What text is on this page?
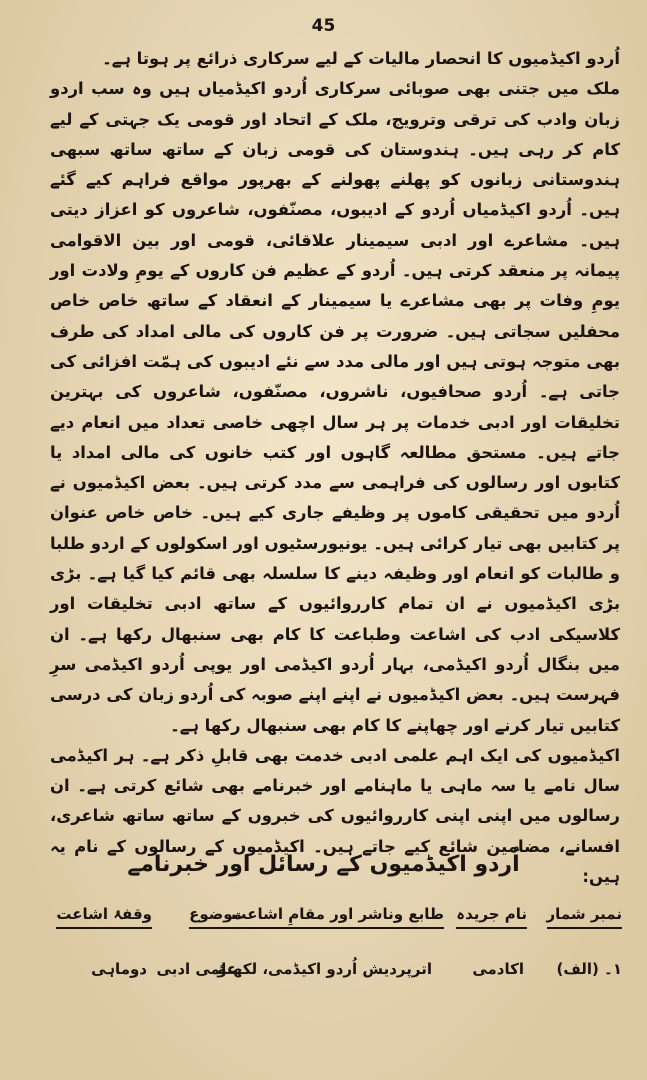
45

اُردو اکیڈمیوں کا انحصار مالیات کے لیے سرکاری ذرائع پر ہوتا ہے۔

ملک میں جتنی بھی صوبائی سرکاری اُردو اکیڈمیاں ہیں وہ سب اردو زبان وادب کی ترقی وترویج، ملک کے اتحاد اور قومی یک جہتی کے لیے کام کر رہی ہیں۔ ہندوستان کی قومی زبان کے ساتھ ساتھ سبھی ہندوستانی زبانوں کو پھلنے پھولنے کے بھرپور مواقع فراہم کیے گئے ہیں۔ اُردو اکیڈمیاں اُردو کے ادیبوں، مصنّفوں، شاعروں کو اعزاز دیتی ہیں۔ مشاعرے اور ادبی سیمینار علاقائی، قومی اور بین الاقوامی پیمانہ پر منعقد کرتی ہیں۔ اُردو کے عظیم فن کاروں کے یومِ ولادت اور یومِ وفات پر بھی مشاعرے یا سیمینار کے انعقاد کے ساتھ خاص خاص محفلیں سجاتی ہیں۔ ضرورت پر فن کاروں کی مالی امداد کی طرف بھی متوجہ ہوتی ہیں اور مالی مدد سے نئے ادیبوں کی ہمّت افزائی کی جاتی ہے۔ اُردو صحافیوں، ناشروں، مصنّفوں، شاعروں کی بہترین تخلیقات اور ادبی خدمات پر ہر سال اچھی خاصی تعداد میں انعام دیے جاتے ہیں۔ مستحق مطالعہ گاہوں اور کتب خانوں کی مالی امداد یا کتابوں اور رسالوں کی فراہمی سے مدد کرتی ہیں۔ بعض اکیڈمیوں نے اُردو میں تحقیقی کاموں پر وظیفے جاری کیے ہیں۔ خاص خاص عنوان پر کتابیں بھی تیار کرائی ہیں۔ یونیورسٹیوں اور اسکولوں کے اردو طلبا و طالبات کو انعام اور وظیفہ دینے کا سلسلہ بھی قائم کیا گیا ہے۔ بڑی بڑی اکیڈمیوں نے ان تمام کارروائیوں کے ساتھ ادبی تخلیقات اور کلاسیکی ادب کی اشاعت وطباعت کا کام بھی سنبھال رکھا ہے۔ ان میں بنگال اُردو اکیڈمی، بہار اُردو اکیڈمی اور یوپی اُردو اکیڈمی سرِ فہرست ہیں۔ بعض اکیڈمیوں نے اپنے اپنے صوبہ کی اُردو زبان کی درسی کتابیں تیار کرنے اور چھاپنے کا کام بھی سنبھال رکھا ہے۔

اکیڈمیوں کی ایک اہم علمی ادبی خدمت بھی قابلِ ذکر ہے۔ ہر اکیڈمی سال نامے یا سہ ماہی یا ماہنامے اور خبرنامے بھی شائع کرتی ہے۔ ان رسالوں میں اپنی اپنی کارروائیوں کی خبروں کے ساتھ ساتھ شاعری، افسانے، مضامین شائع کیے جاتے ہیں۔ اکیڈمیوں کے رسالوں کے نام یہ ہیں:

اُردو اکیڈمیوں کے رسائل اور خبرنامے
نمبر شمار
نام جریدہ
طابع وناشر اور مقامِ اشاعت
موضوع
وقفۂ اشاعت
۱۔ (الف)
اکادمی
اترپردیش اُردو اکیڈمی، لکھنؤ
علمی ادبی
دوماہی
